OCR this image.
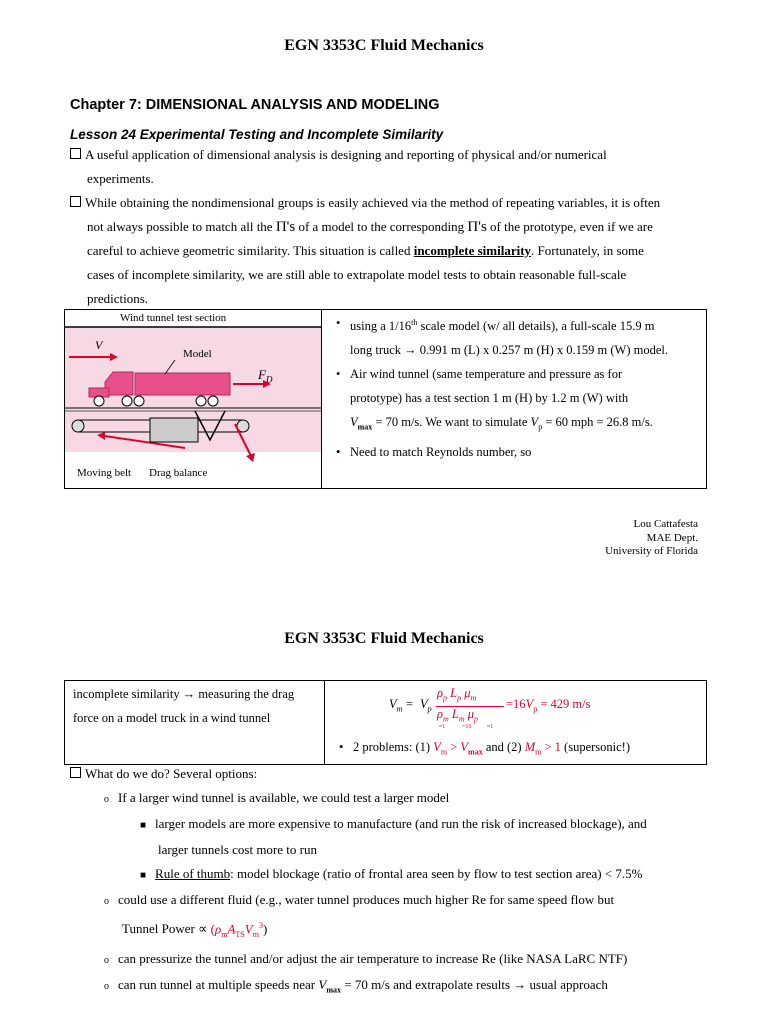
EGN 3353C Fluid Mechanics
Chapter 7: DIMENSIONAL ANALYSIS AND MODELING
Lesson 24 Experimental Testing and Incomplete Similarity
A useful application of dimensional analysis is designing and reporting of physical and/or numerical
experiments.
While obtaining the nondimensional groups is easily achieved via the method of repeating variables, it is often
not always possible to match all the Π's of a model to the corresponding Π's of the prototype, even if we are
careful to achieve geometric similarity. This situation is called incomplete similarity. Fortunately, in some
cases of incomplete similarity, we are still able to extrapolate model tests to obtain reasonable full-scale
predictions.
Wind tunnel test section
V
Model
$F_D$
Moving belt Drag balance

• using a 1/16th scale model (w/ all details), a full-scale 15.9 m
long truck → 0.991 m (L) x 0.257 m (H) x 0.159 m (W) model.
• Air wind tunnel (same temperature and pressure as for
prototype) has a test section 1 m (H) by 1.2 m (W) with
$V_{max} = 70$ m/s. We want to simulate $V_p = 60$ mph = 26.8 m/s.
• Need to match Reynolds number, so
Lou Cattafesta
MAE Dept.
University of Florida
EGN 3353C Fluid Mechanics
incomplete similarity → measuring the drag
force on a model truck in a wind tunnel	
$V_m = V_p$
$\rho_p$ $L_p$ $\mu_m$
$\rho_m$ $L_m$ $\mu_p$
≈1	=16	≈1
$=16V_p = 429$ m/s
• 2 problems: (1) $V_m > V_{max}$ and (2) $M_m > 1$ (supersonic!)
What do we do? Several options:
o If a larger wind tunnel is available, we could test a larger model
■ larger models are more expensive to manufacture (and run the risk of increased blockage), and
larger tunnels cost more to run
■ Rule of thumb: model blockage (ratio of frontal area seen by flow to test section area) < 7.5%
o could use a different fluid (e.g., water tunnel produces much higher Re for same speed flow but
Tunnel Power ∝ $(\rho_mA_{TS}V_m^3)$
o can pressurize the tunnel and/or adjust the air temperature to increase Re (like NASA LaRC NTF)
o can run tunnel at multiple speeds near $V_{max} = 70$ m/s and extrapolate results → usual approach
